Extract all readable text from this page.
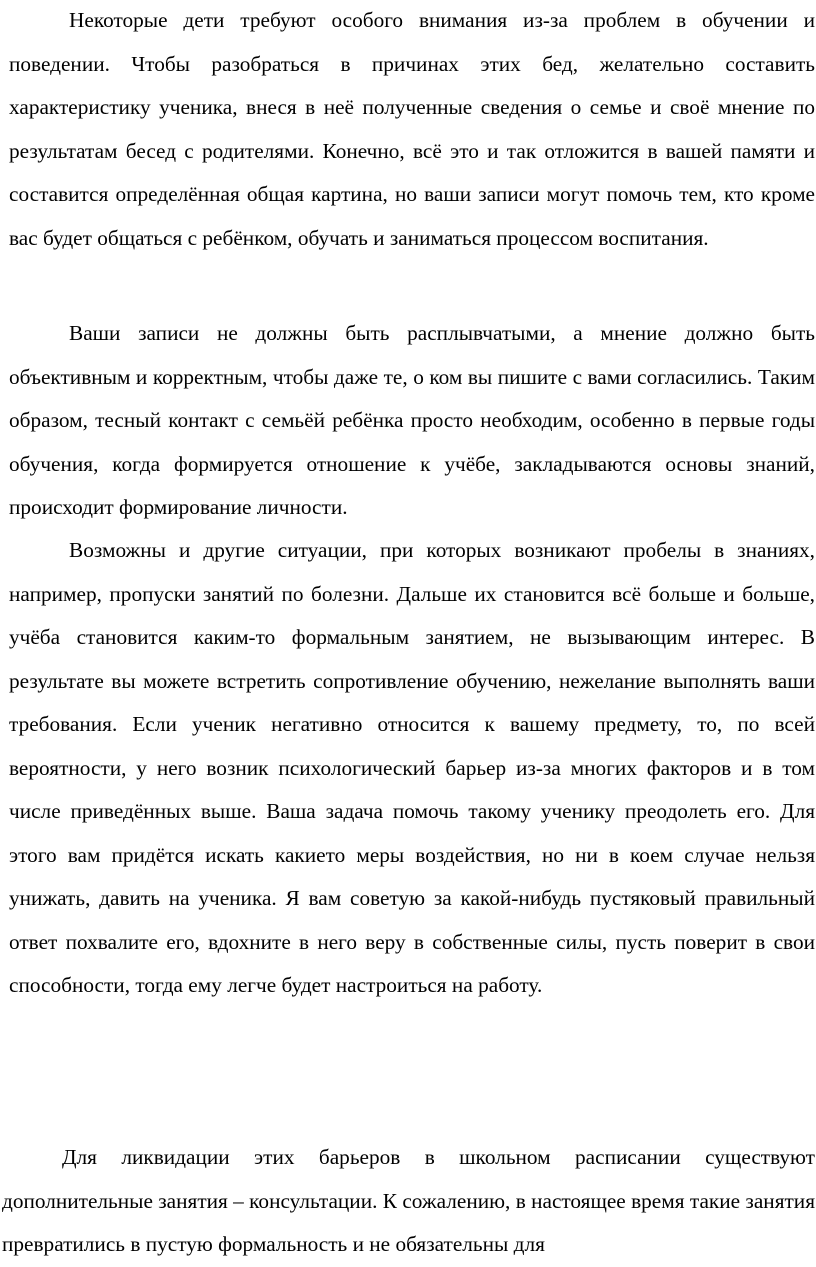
Некоторые дети требуют особого внимания из-за проблем в обучении и поведении. Чтобы разобраться в причинах этих бед, желательно составить характеристику ученика, внеся в неё полученные сведения о семье и своё мнение по результатам бесед с родителями. Конечно, всё это и так отложится в вашей памяти и составится определённая общая картина, но ваши записи могут помочь тем, кто кроме вас будет общаться с ребёнком, обучать и заниматься процессом воспитания.

Ваши записи не должны быть расплывчатыми, а мнение должно быть объективным и корректным, чтобы даже те, о ком вы пишите с вами согласились. Таким образом, тесный контакт с семьёй ребёнка просто необходим, особенно в первые годы обучения, когда формируется отношение к учёбе, закладываются основы знаний, происходит формирование личности.

Возможны и другие ситуации, при которых возникают пробелы в знаниях, например, пропуски занятий по болезни. Дальше их становится всё больше и больше, учёба становится каким-то формальным занятием, не вызывающим интерес. В результате вы можете встретить сопротивление обучению, нежелание выполнять ваши требования. Если ученик негативно относится к вашему предмету, то, по всей вероятности, у него возник психологический барьер из-за многих факторов и в том числе приведённых выше. Ваша задача помочь такому ученику преодолеть его. Для этого вам придётся искать какието меры воздействия, но ни в коем случае нельзя унижать, давить на ученика. Я вам советую за какой-нибудь пустяковый правильный ответ похвалите его, вдохните в него веру в собственные силы, пусть поверит в свои способности, тогда ему легче будет настроиться на работу.

Для ликвидации этих барьеров в школьном расписании существуют дополнительные занятия – консультации. К сожалению, в настоящее время такие занятия превратились в пустую формальность и не обязательны для
